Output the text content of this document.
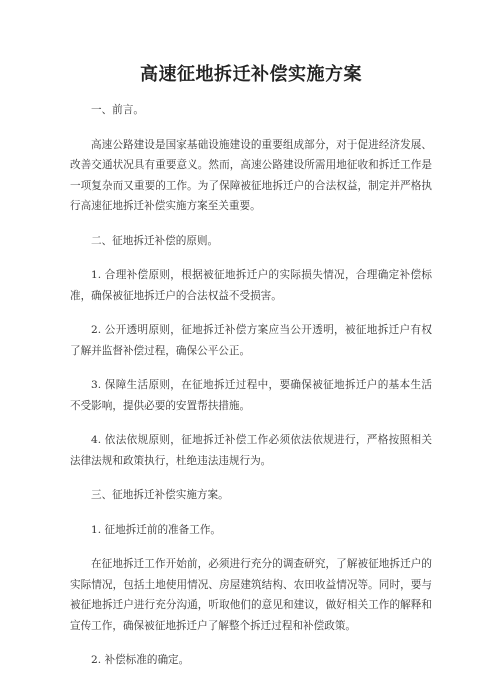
高速征地拆迁补偿实施方案

一、前言。

高速公路建设是国家基础设施建设的重要组成部分，对于促进经济发展、改善交通状况具有重要意义。然而，高速公路建设所需用地征收和拆迁工作是一项复杂而又重要的工作。为了保障被征地拆迁户的合法权益，制定并严格执行高速征地拆迁补偿实施方案至关重要。

二、征地拆迁补偿的原则。

1. 合理补偿原则，根据被征地拆迁户的实际损失情况，合理确定补偿标准，确保被征地拆迁户的合法权益不受损害。

2. 公开透明原则，征地拆迁补偿方案应当公开透明，被征地拆迁户有权了解并监督补偿过程，确保公平公正。

3. 保障生活原则，在征地拆迁过程中，要确保被征地拆迁户的基本生活不受影响，提供必要的安置帮扶措施。

4. 依法依规原则，征地拆迁补偿工作必须依法依规进行，严格按照相关法律法规和政策执行，杜绝违法违规行为。

三、征地拆迁补偿实施方案。

1. 征地拆迁前的准备工作。

在征地拆迁工作开始前，必须进行充分的调查研究，了解被征地拆迁户的实际情况，包括土地使用情况、房屋建筑结构、农田收益情况等。同时，要与被征地拆迁户进行充分沟通，听取他们的意见和建议，做好相关工作的解释和宣传工作，确保被征地拆迁户了解整个拆迁过程和补偿政策。

2. 补偿标准的确定。
